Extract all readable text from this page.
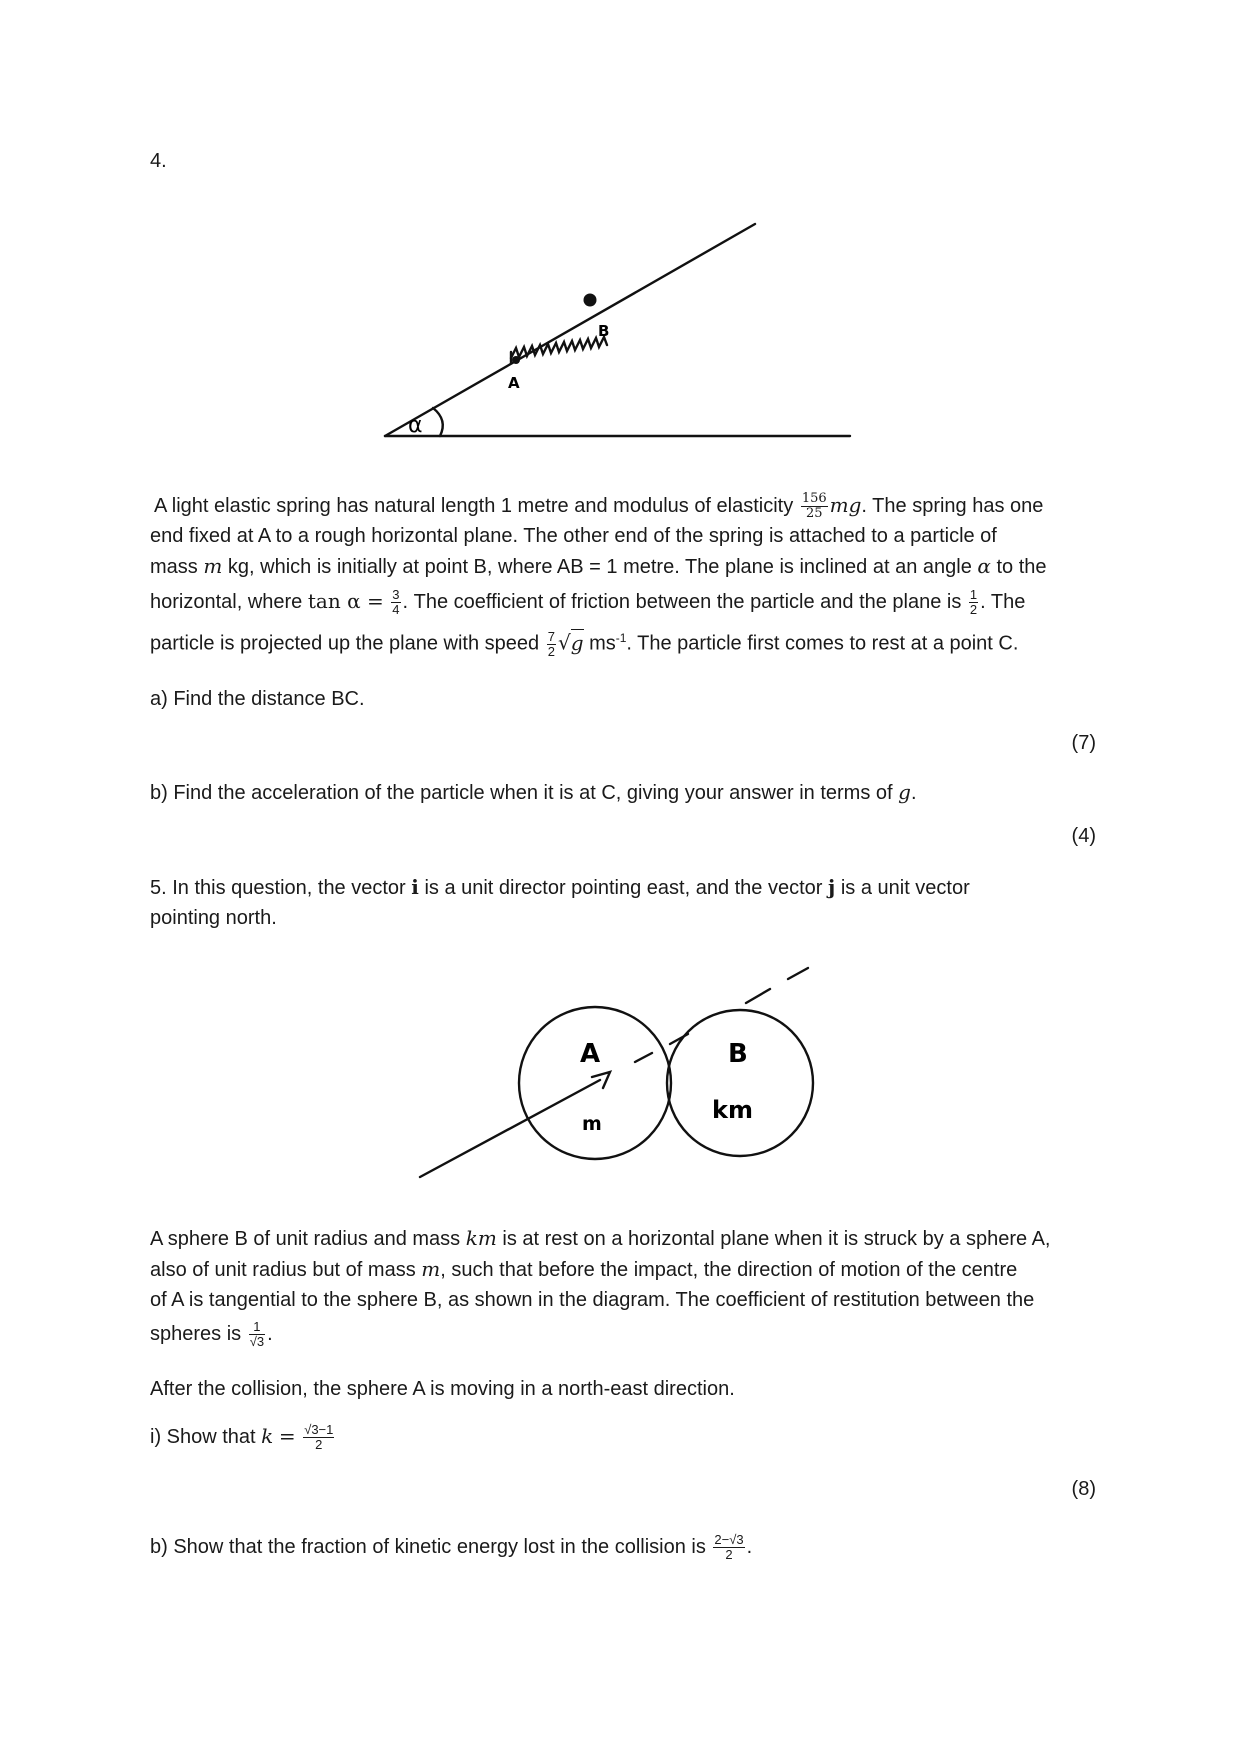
4.
A
B
α
A light elastic spring has natural length 1 metre and modulus of elasticity $\frac{156}{25}$ mg. The spring has one
end fixed at A to a rough horizontal plane. The other end of the spring is attached to a particle of
mass m kg, which is initially at point B, where AB = 1 metre. The plane is inclined at an angle α to the
horizontal, where $\tan \alpha = \frac{3}{4}$ . The coefficient of friction between the particle and the plane is $\frac{1}{2}$ . The
particle is projected up the plane with speed $\frac{7}{2} √g$ $ms^{-1}$. The particle first comes to rest at a point C.
a) Find the distance BC.
(7)
b) Find the acceleration of the particle when it is at C, giving your answer in terms of g.
(4)
5. In this question, the vector i is a unit director pointing east, and the vector j is a unit vector
pointing north.
A	B
m	km
A sphere B of unit radius and mass km is at rest on a horizontal plane when it is struck by a sphere A,
also of unit radius but of mass m, such that before the impact, the direction of motion of the centre
of A is tangential to the sphere B, as shown in the diagram. The coefficient of restitution between the
spheres is $\frac{1}{√3}$ .
After the collision, the sphere A is moving in a north-east direction.
i) Show that $k = \frac{√3-1}{2}$
(8)
b) Show that the fraction of kinetic energy lost in the collision is $\frac{2-√3}{2}$ .
